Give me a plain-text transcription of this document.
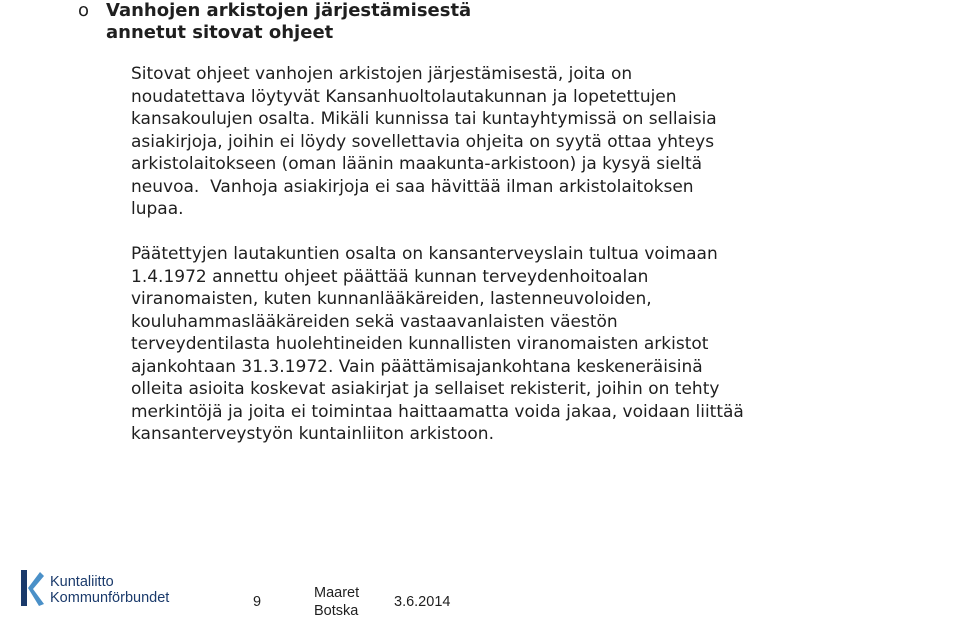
o Vanhojen arkistojen järjestämisestä
annetut sitovat ohjeet
Sitovat ohjeet vanhojen arkistojen järjestämisestä, joita on
noudatettava löytyvät Kansanhuoltolautakunnan ja lopetettujen
kansakoulujen osalta. Mikäli kunnissa tai kuntayhtymissä on sellaisia
asiakirjoja, joihin ei löydy sovellettavia ohjeita on syytä ottaa yhteys
arkistolaitokseen (oman läänin maakunta-arkistoon) ja kysyä sieltä
neuvoa.  Vanhoja asiakirjoja ei saa hävittää ilman arkistolaitoksen
lupaa.
Päätettyjen lautakuntien osalta on kansanterveyslain tultua voimaan
1.4.1972 annettu ohjeet päättää kunnan terveydenhoitoalan
viranomaisten, kuten kunnanlääkäreiden, lastenneuvoloiden,
kouluhammaslääkäreiden sekä vastaavanlaisten väestön
terveydentilasta huolehtineiden kunnallisten viranomaisten arkistot
ajankohtaan 31.3.1972. Vain päättämisajankohtana keskeneräisinä
olleita asioita koskevat asiakirjat ja sellaiset rekisterit, joihin on tehty
merkintöjä ja joita ei toimintaa haittaamatta voida jakaa, voidaan liittää
kansanterveystyön kuntainliiton arkistoon.
Kuntaliitto
Kommunförbundet	9
Maaret
Botska
3.6.2014
